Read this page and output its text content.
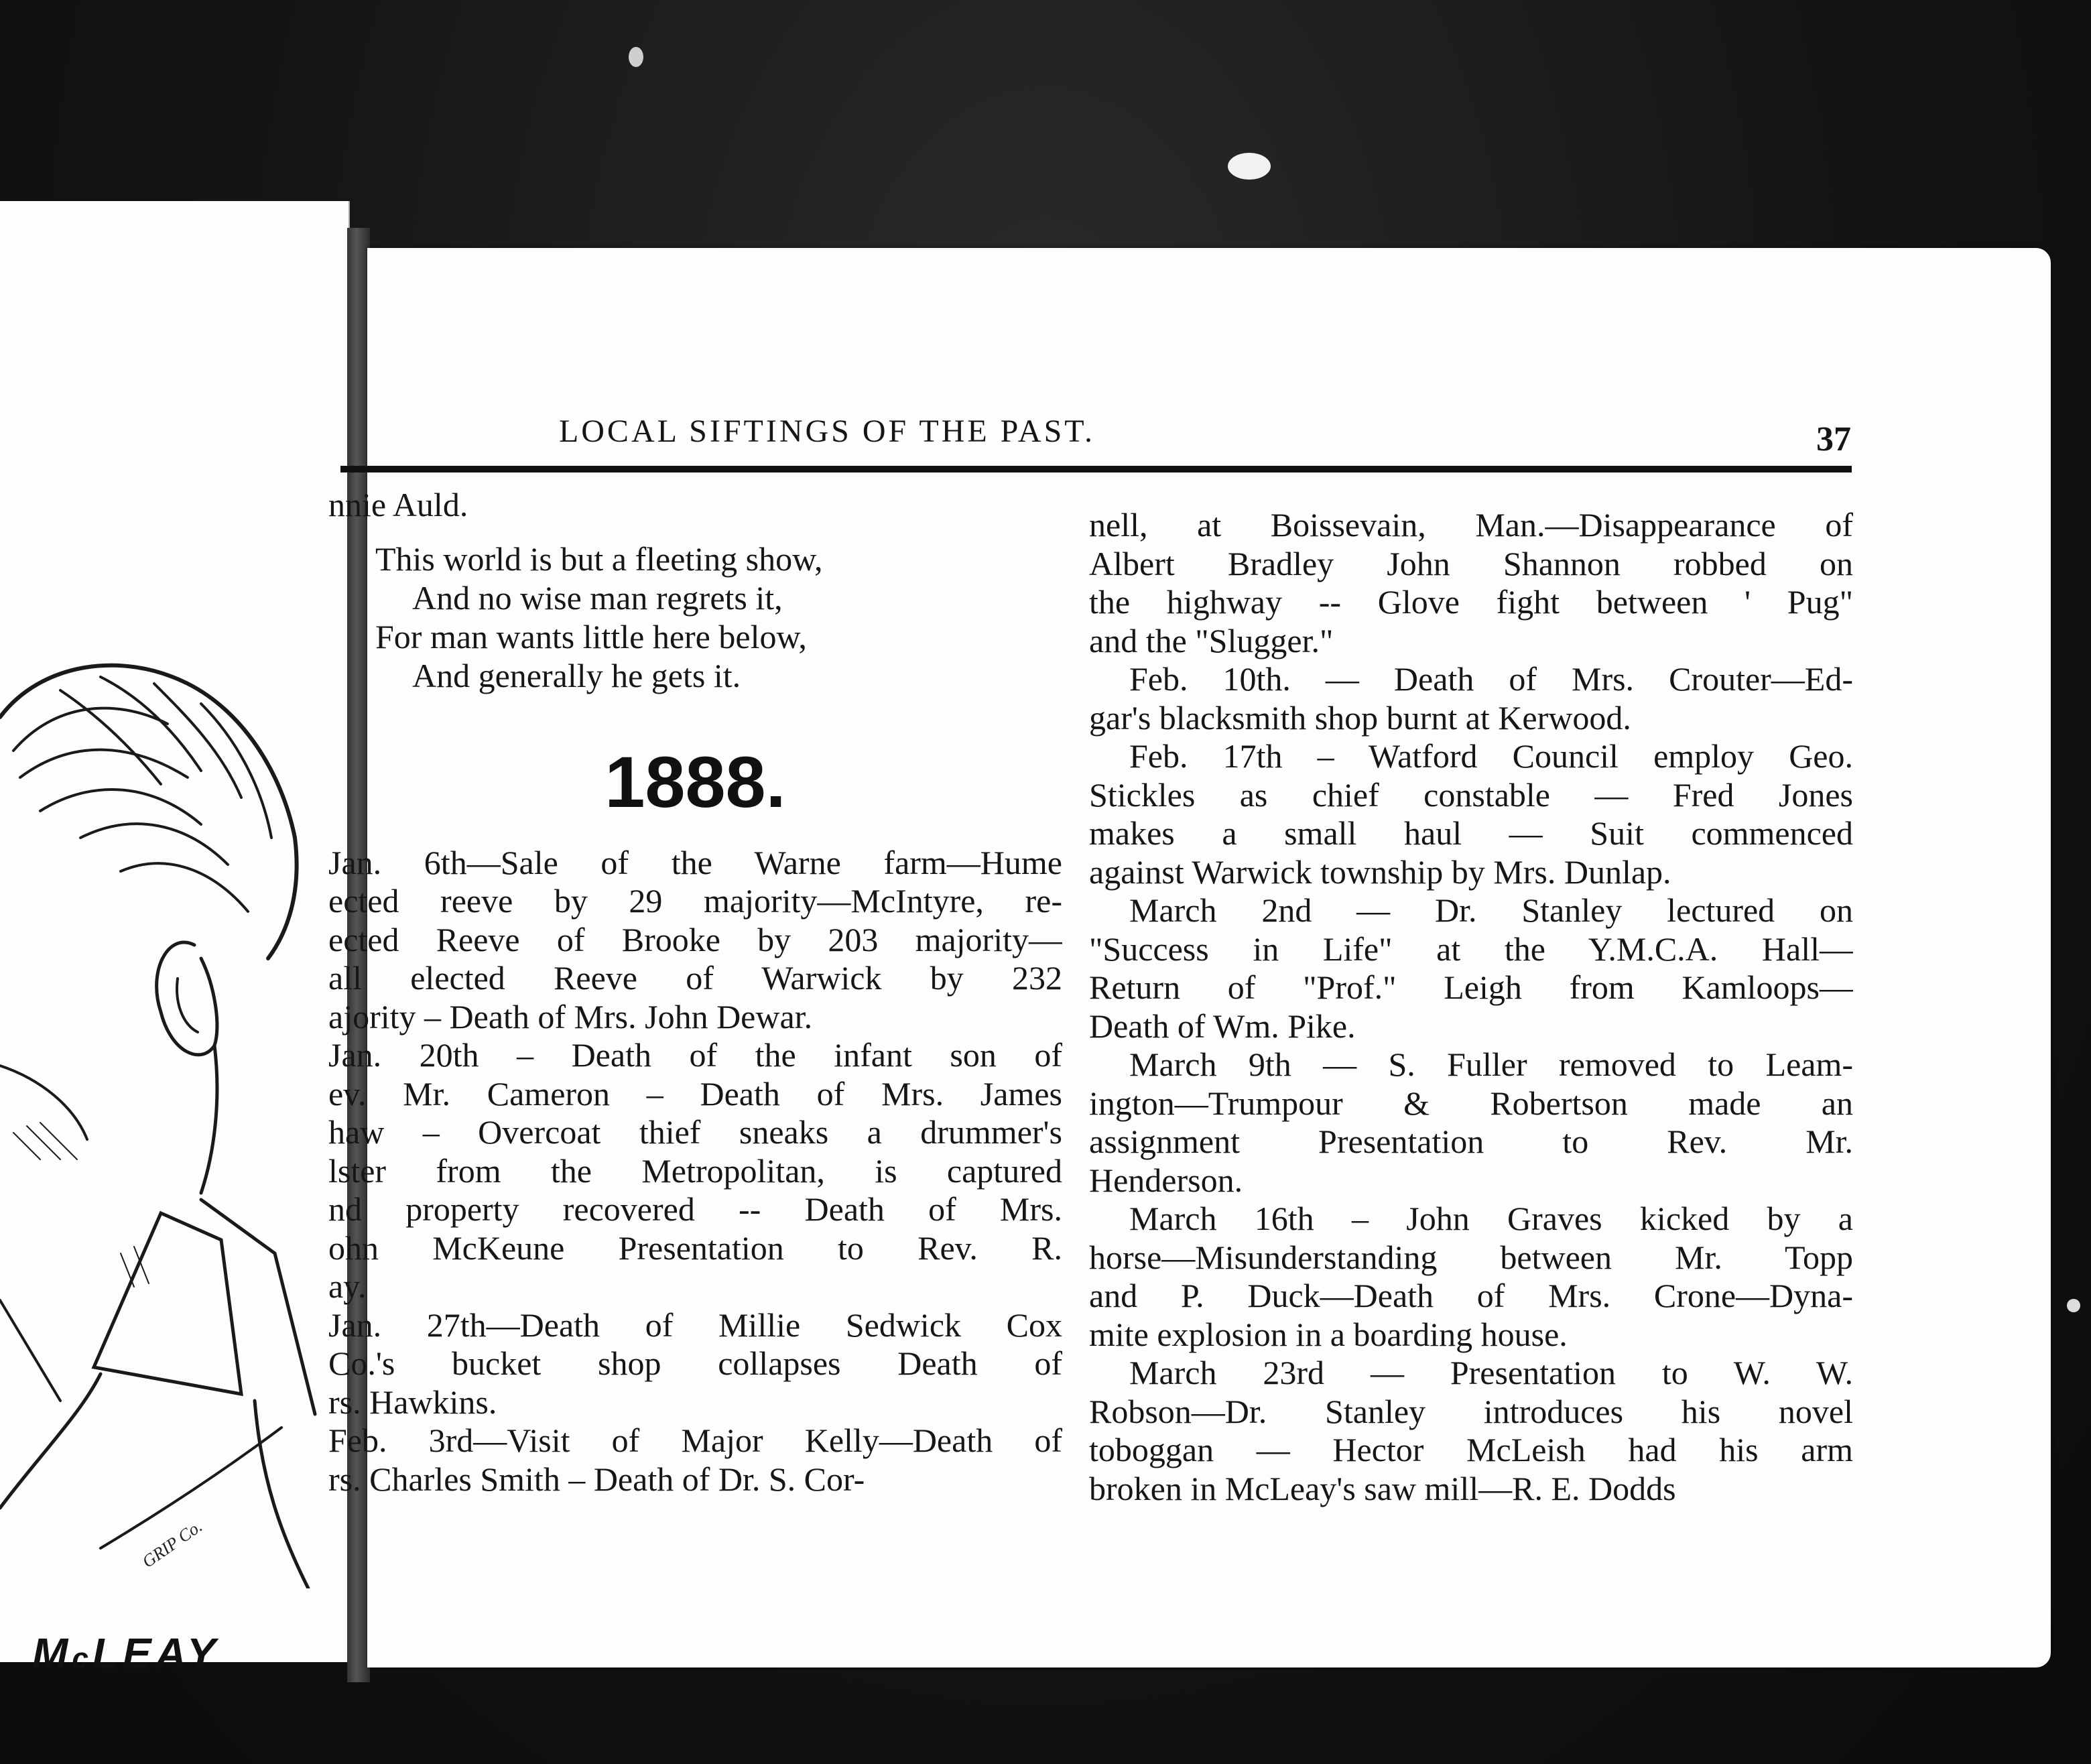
GRIP Co.
McLEAY
LOCAL SIFTINGS OF THE PAST.	37

nnie Auld.

This world is but a fleeting show,

And no wise man regrets it,

For man wants little here below,

And generally he gets it.

1888.

Jan. 6th—Sale of the Warne farm—Hume

ected reeve by 29 majority—McIntyre, re-

ected Reeve of Brooke by 203 majority—

all elected Reeve of Warwick by 232

ajority – Death of Mrs. John Dewar.

Jan. 20th – Death of the infant son of

ev. Mr. Cameron – Death of Mrs. James

haw – Overcoat thief sneaks a drummer's

lster from the Metropolitan, is captured

nd property recovered -- Death of Mrs.

ohn McKeune Presentation to Rev. R.

ay.

Jan. 27th—Death of Millie Sedwick Cox

Co.'s bucket shop collapses Death of

rs. Hawkins.

Feb. 3rd—Visit of Major Kelly—Death of

rs. Charles Smith – Death of Dr. S. Cor-

nell, at Boissevain, Man.—Disappearance of

Albert Bradley John Shannon robbed on

the highway -- Glove fight between ' Pug"

and the "Slugger."

Feb. 10th. — Death of Mrs. Crouter—Ed-

gar's blacksmith shop burnt at Kerwood.

Feb. 17th – Watford Council employ Geo.

Stickles as chief constable — Fred Jones

makes a small haul — Suit commenced

against Warwick township by Mrs. Dunlap.

March 2nd — Dr. Stanley lectured on

"Success in Life" at the Y.M.C.A. Hall—

Return of "Prof." Leigh from Kamloops—

Death of Wm. Pike.

March 9th — S. Fuller removed to Leam-

ington—Trumpour & Robertson made an

assignment Presentation to Rev. Mr.

Henderson.

March 16th – John Graves kicked by a

horse—Misunderstanding between Mr. Topp

and P. Duck—Death of Mrs. Crone—Dyna-

mite explosion in a boarding house.

March 23rd — Presentation to W. W.

Robson—Dr. Stanley introduces his novel

toboggan — Hector McLeish had his arm

broken in McLeay's saw mill—R. E. Dodds
